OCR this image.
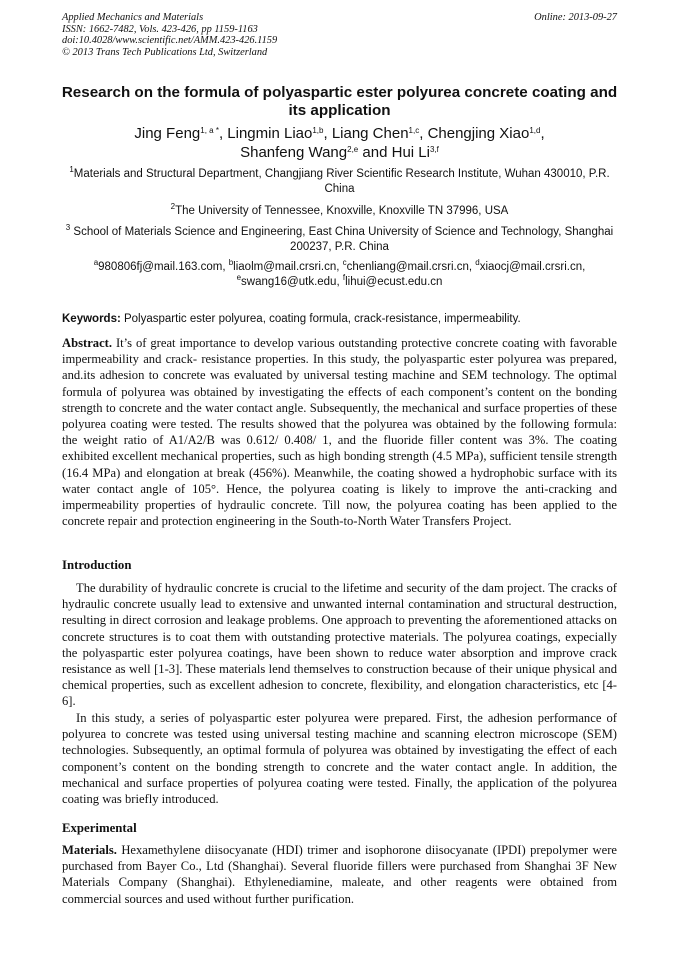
Applied Mechanics and Materials
ISSN: 1662-7482, Vols. 423-426, pp 1159-1163
doi:10.4028/www.scientific.net/AMM.423-426.1159
© 2013 Trans Tech Publications Ltd, Switzerland
Online: 2013-09-27
Research on the formula of polyaspartic ester polyurea concrete coating and its application
Jing Feng$^{1, a *}$, Lingmin Liao$^{1,b}$, Liang Chen$^{1,c}$, Chengjing Xiao$^{1,d}$,
Shanfeng Wang$^{2,e}$ and Hui Li$^{3,f}$
$^1$Materials and Structural Department, Changjiang River Scientific Research Institute, Wuhan 430010, P.R. China
$^2$The University of Tennessee, Knoxville, Knoxville TN 37996, USA
$^3$ School of Materials Science and Engineering, East China University of Science and Technology, Shanghai 200237, P.R. China
$^a$980806fj@mail.163.com, $^b$liaolm@mail.crsri.cn, $^c$chenliang@mail.crsri.cn, $^d$xiaocj@mail.crsri.cn,
$^e$swang16@utk.edu, $^f$lihui@ecust.edu.cn
Keywords: Polyaspartic ester polyurea, coating formula, crack-resistance, impermeability.
Abstract. It’s of great importance to develop various outstanding protective concrete coating with favorable impermeability and crack- resistance properties. In this study, the polyaspartic ester polyurea was prepared, and.its adhesion to concrete was evaluated by universal testing machine and SEM technology. The optimal formula of polyurea was obtained by investigating the effects of each component’s content on the bonding strength to concrete and the water contact angle. Subsequently, the mechanical and surface properties of these polyurea coating were tested. The results showed that the polyurea was obtained by the following formula: the weight ratio of A1/A2/B was 0.612/ 0.408/ 1, and the fluoride filler content was 3%. The coating exhibited excellent mechanical properties, such as high bonding strength (4.5 MPa), sufficient tensile strength (16.4 MPa) and elongation at break (456%). Meanwhile, the coating showed a hydrophobic surface with its water contact angle of 105°. Hence, the polyurea coating is likely to improve the anti-cracking and impermeability properties of hydraulic concrete. Till now, the polyurea coating has been applied to the concrete repair and protection engineering in the South-to-North Water Transfers Project.
Introduction
The durability of hydraulic concrete is crucial to the lifetime and security of the dam project. The cracks of hydraulic concrete usually lead to extensive and unwanted internal contamination and structural destruction, resulting in direct corrosion and leakage problems. One approach to preventing the aforementioned attacks on concrete structures is to coat them with outstanding protective materials. The polyurea coatings, expecially the polyaspartic ester polyurea coatings, have been shown to reduce water absorption and improve crack resistance as well [1-3]. These materials lend themselves to construction because of their unique physical and chemical properties, such as excellent adhesion to concrete, flexibility, and elongation characteristics, etc [4-6].
In this study, a series of polyaspartic ester polyurea were prepared. First, the adhesion performance of polyurea to concrete was tested using universal testing machine and scanning electron microscope (SEM) technologies. Subsequently, an optimal formula of polyurea was obtained by investigating the effect of each component’s content on the bonding strength to concrete and the water contact angle. In addition, the mechanical and surface properties of polyurea coating were tested. Finally, the application of the polyurea coating was briefly introduced.
Experimental
Materials. Hexamethylene diisocyanate (HDI) trimer and isophorone diisocyanate (IPDI) prepolymer were purchased from Bayer Co., Ltd (Shanghai). Several fluoride fillers were purchased from Shanghai 3F New Materials Company (Shanghai). Ethylenediamine, maleate, and other reagents were obtained from commercial sources and used without further purification.
